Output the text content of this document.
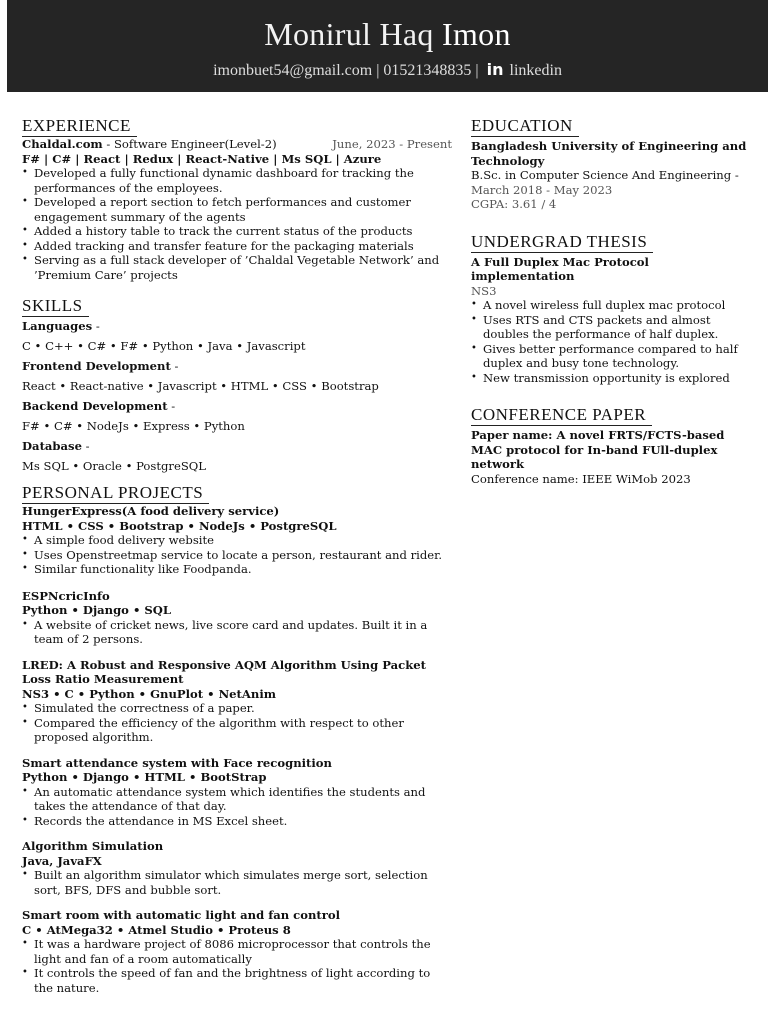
Monirul Haq Imon
imonbuet54@gmail.com | 01521348835 | in linkedin
EXPERIENCE
Chaldal.com - Software Engineer(Level-2)	June, 2023 - Present
F# | C# | React | Redux | React-Native | Ms SQL | Azure
• Developed a fully functional dynamic dashboard for tracking the performances of the employees.
• Developed a report section to fetch performances and customer engagement summary of the agents
• Added a history table to track the current status of the products
• Added tracking and transfer feature for the packaging materials
• Serving as a full stack developer of ’Chaldal Vegetable Network’ and ’Premium Care’ projects
SKILLS
Languages -
C • C++ • C# • F# • Python • Java • Javascript
Frontend Development -
React • React-native • Javascript • HTML • CSS • Bootstrap
Backend Development -
F# • C# • NodeJs • Express • Python
Database -
Ms SQL • Oracle • PostgreSQL
PERSONAL PROJECTS
HungerExpress(A food delivery service)
HTML • CSS • Bootstrap • NodeJs • PostgreSQL
• A simple food delivery website
• Uses Openstreetmap service to locate a person, restaurant and rider.
• Similar functionality like Foodpanda.
ESPNcricInfo
Python • Django • SQL
• A website of cricket news, live score card and updates. Built it in a team of 2 persons.
LRED: A Robust and Responsive AQM Algorithm Using Packet Loss Ratio Measurement
NS3 • C • Python • GnuPlot • NetAnim
• Simulated the correctness of a paper.
• Compared the efficiency of the algorithm with respect to other proposed algorithm.
Smart attendance system with Face recognition
Python • Django • HTML • BootStrap
• An automatic attendance system which identifies the students and takes the attendance of that day.
• Records the attendance in MS Excel sheet.
Algorithm Simulation
Java, JavaFX
• Built an algorithm simulator which simulates merge sort, selection sort, BFS, DFS and bubble sort.
Smart room with automatic light and fan control
C • AtMega32 • Atmel Studio • Proteus 8
• It was a hardware project of 8086 microprocessor that controls the light and fan of a room automatically
• It controls the speed of fan and the brightness of light according to the nature.
EDUCATION
Bangladesh University of Engineering and Technology
B.Sc. in Computer Science And Engineering -
March 2018 - May 2023
CGPA: 3.61 / 4
UNDERGRAD THESIS
A Full Duplex Mac Protocol implementation
NS3
• A novel wireless full duplex mac protocol
• Uses RTS and CTS packets and almost doubles the performance of half duplex.
• Gives better performance compared to half duplex and busy tone technology.
• New transmission opportunity is explored
CONFERENCE PAPER
Paper name: A novel FRTS/FCTS-based MAC protocol for In-band FUll-duplex network
Conference name: IEEE WiMob 2023
